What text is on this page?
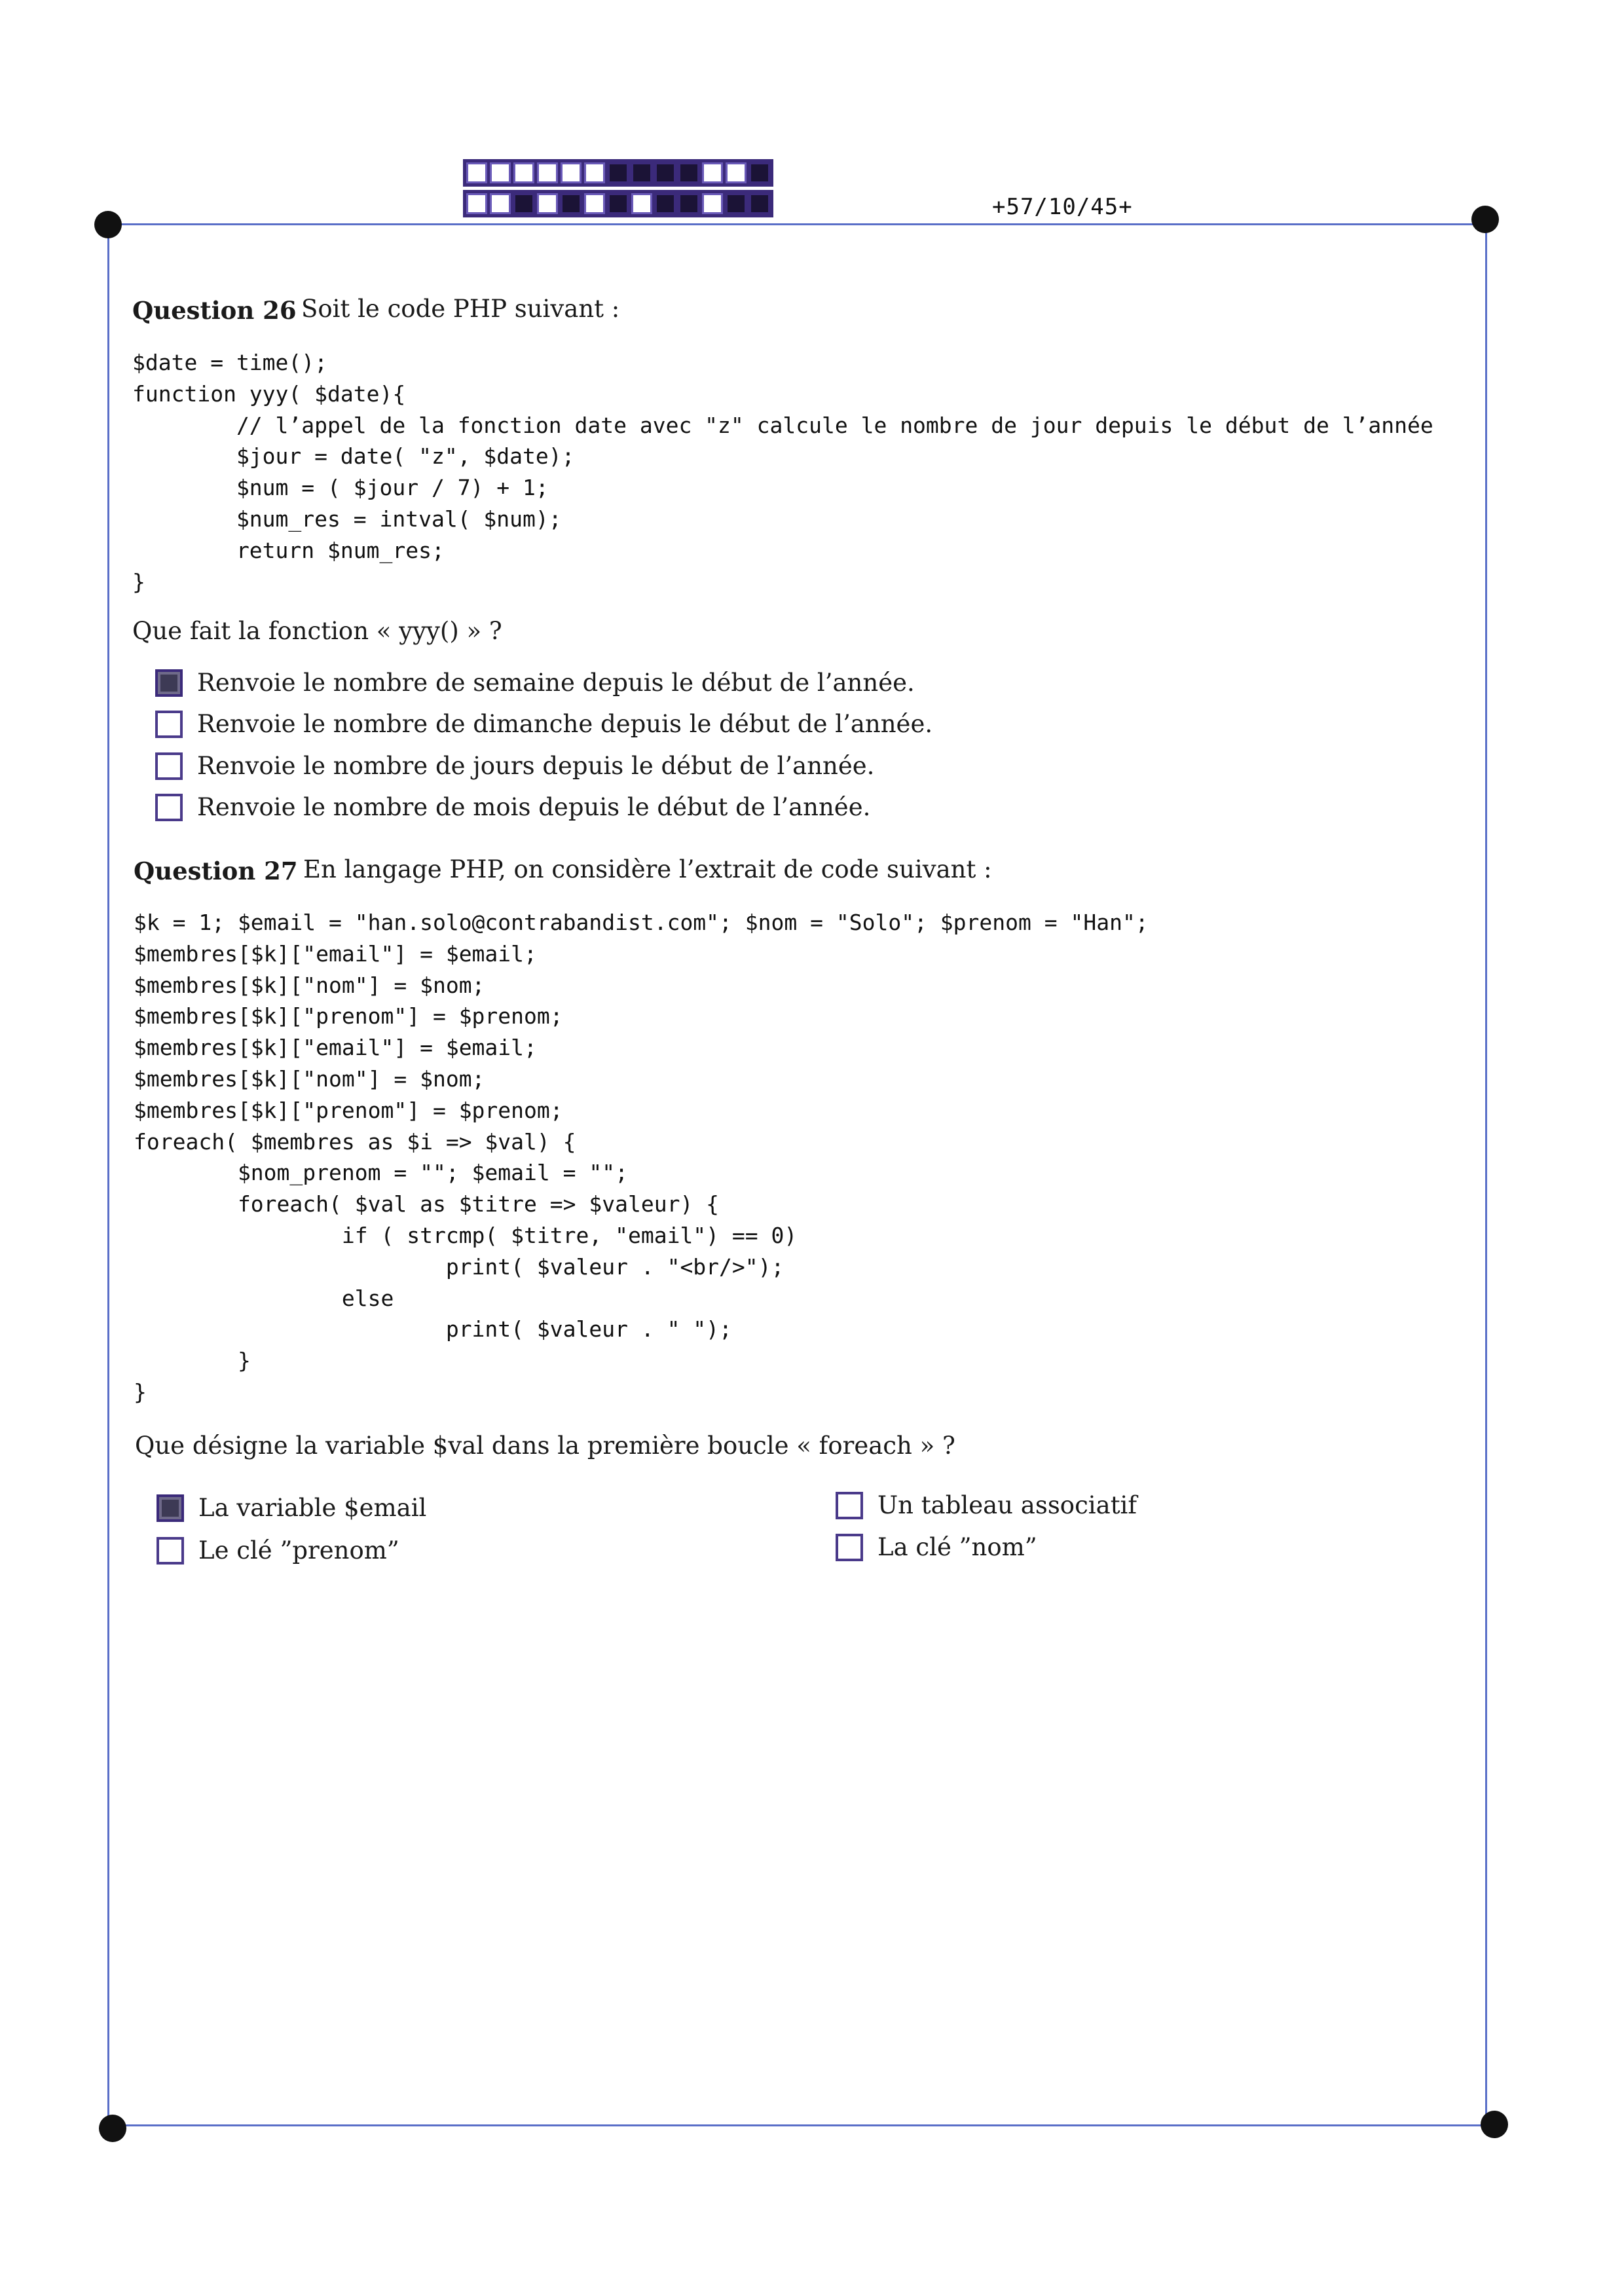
+57/10/45+
Question 26 Soit le code PHP suivant :
$date = time();
function yyy( $date){
// l’appel de la fonction date avec "z" calcule le nombre de jour depuis le début de l’année
$jour = date( "z", $date);
$num = ( $jour / 7) + 1;
$num_res = intval( $num);
return $num_res;
}
Que fait la fonction « yyy() » ?
Renvoie le nombre de semaine depuis le début de l’année.
Renvoie le nombre de dimanche depuis le début de l’année.
Renvoie le nombre de jours depuis le début de l’année.
Renvoie le nombre de mois depuis le début de l’année.
Question 27 En langage PHP, on considère l’extrait de code suivant :
$k = 1; $email = "han.solo@contrabandist.com"; $nom = "Solo"; $prenom = "Han";
$membres[$k]["email"] = $email;
$membres[$k]["nom"] = $nom;
$membres[$k]["prenom"] = $prenom;
$membres[$k]["email"] = $email;
$membres[$k]["nom"] = $nom;
$membres[$k]["prenom"] = $prenom;
foreach( $membres as $i => $val) {
$nom_prenom = ""; $email = "";
foreach( $val as $titre => $valeur) {
if ( strcmp( $titre, "email") == 0)
print( $valeur . "<br/>");
else
print( $valeur . " ");
}
}
Que désigne la variable $val dans la première boucle « foreach » ?
La variable $email
Le clé ”prenom”
Un tableau associatif
La clé ”nom”
